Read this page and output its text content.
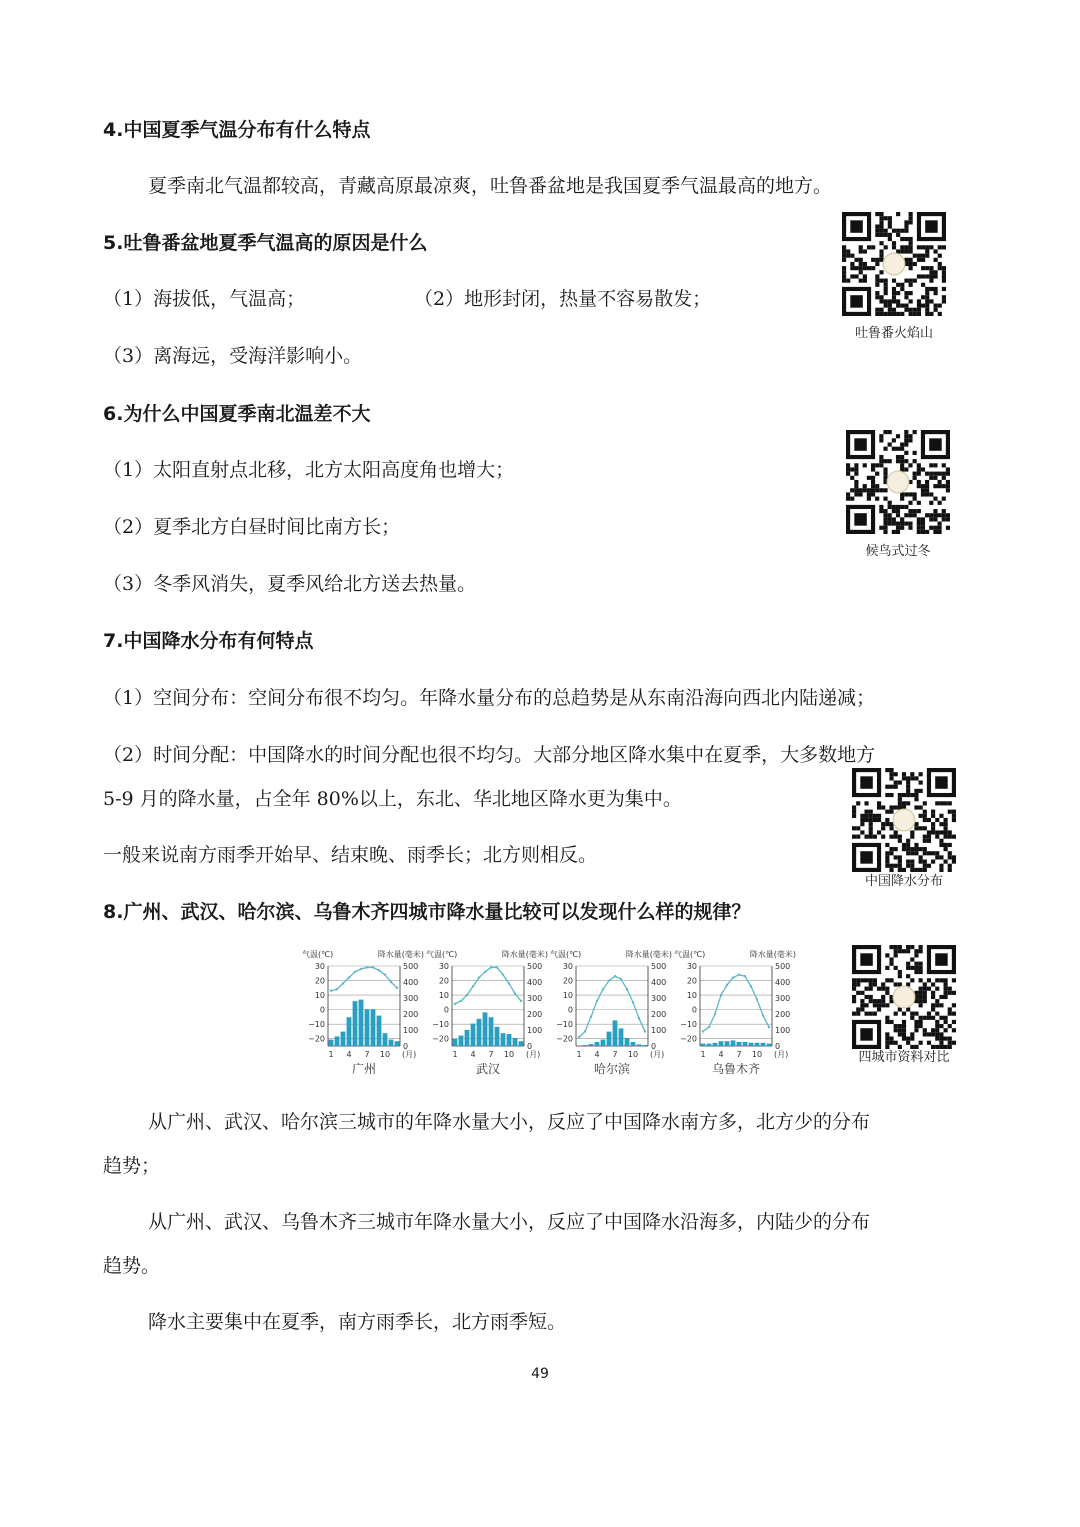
4.中国夏季气温分布有什么特点
夏季南北气温都较高，青藏高原最凉爽，吐鲁番盆地是我国夏季气温最高的地方。
5.吐鲁番盆地夏季气温高的原因是什么
（1）海拔低，气温高；	（2）地形封闭，热量不容易散发；
（3）离海远，受海洋影响小。
6.为什么中国夏季南北温差不大
（1）太阳直射点北移，北方太阳高度角也增大；
（2）夏季北方白昼时间比南方长；
（3）冬季风消失，夏季风给北方送去热量。
7.中国降水分布有何特点
（1）空间分布：空间分布很不均匀。年降水量分布的总趋势是从东南沿海向西北内陆递减；
（2）时间分配：中国降水的时间分配也很不均匀。大部分地区降水集中在夏季，大多数地方
5-9 月的降水量，占全年 80%以上，东北、华北地区降水更为集中。
一般来说南方雨季开始早、结束晚、雨季长；北方则相反。
8.广州、武汉、哈尔滨、乌鲁木齐四城市降水量比较可以发现什么样的规律？
气温(℃)	降水量(毫米)
30
20
10
0
−10
−20
500
400
300
200
100
0
1 4 7 10 (月)
广州
气温(℃)	降水量(毫米)
30
20
10
0
−10
−20
500
400
300
200
100
0
1 4 7 10 (月)
武汉
气温(℃)	降水量(毫米)
30
20
10
0
−10
−20
500
400
300
200
100
0
1 4 7 10 (月)
哈尔滨
气温(℃)	降水量(毫米)
30
20
10
0
−10
−20
500
400
300
200
100
0
1 4 7 10 (月)
乌鲁木齐
从广州、武汉、哈尔滨三城市的年降水量大小，反应了中国降水南方多，北方少的分布
趋势；
从广州、武汉、乌鲁木齐三城市年降水量大小，反应了中国降水沿海多，内陆少的分布
趋势。
降水主要集中在夏季，南方雨季长，北方雨季短。
吐鲁番火焰山
候鸟式过冬
中国降水分布
四城市资料对比
49
